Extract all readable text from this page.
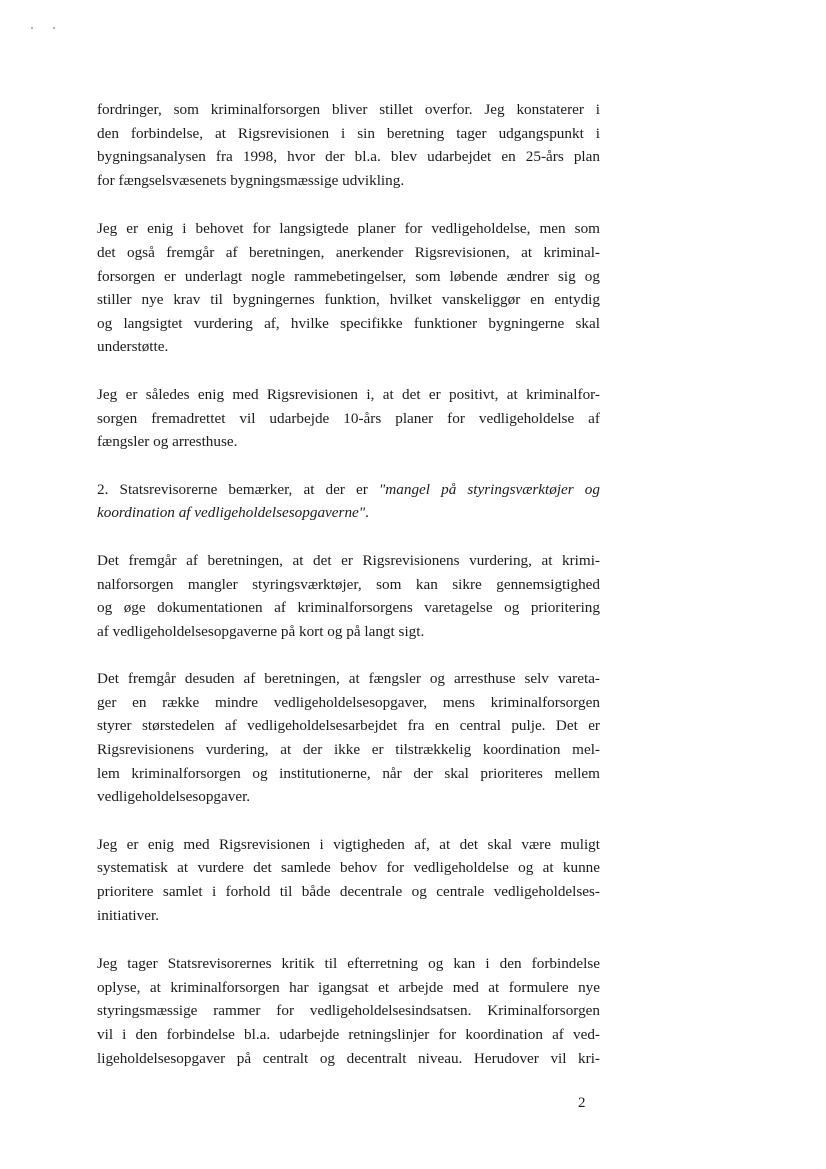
fordringer, som kriminalforsorgen bliver stillet overfor. Jeg konstaterer i
den forbindelse, at Rigsrevisionen i sin beretning tager udgangspunkt i
bygningsanalysen fra 1998, hvor der bl.a. blev udarbejdet en 25-års plan
for fængselsvæsenets bygningsmæssige udvikling.

Jeg er enig i behovet for langsigtede planer for vedligeholdelse, men som
det også fremgår af beretningen, anerkender Rigsrevisionen, at kriminal-
forsorgen er underlagt nogle rammebetingelser, som løbende ændrer sig og
stiller nye krav til bygningernes funktion, hvilket vanskeliggør en entydig
og langsigtet vurdering af, hvilke specifikke funktioner bygningerne skal
understøtte.

Jeg er således enig med Rigsrevisionen i, at det er positivt, at kriminalfor-
sorgen fremadrettet vil udarbejde 10-års planer for vedligeholdelse af
fængsler og arresthuse.

2. Statsrevisorerne bemærker, at der er "mangel på styringsværktøjer og
koordination af vedligeholdelsesopgaverne".

Det fremgår af beretningen, at det er Rigsrevisionens vurdering, at krimi-
nalforsorgen mangler styringsværktøjer, som kan sikre gennemsigtighed
og øge dokumentationen af kriminalforsorgens varetagelse og prioritering
af vedligeholdelsesopgaverne på kort og på langt sigt.

Det fremgår desuden af beretningen, at fængsler og arresthuse selv vareta-
ger en række mindre vedligeholdelsesopgaver, mens kriminalforsorgen
styrer størstedelen af vedligeholdelsesarbejdet fra en central pulje. Det er
Rigsrevisionens vurdering, at der ikke er tilstrækkelig koordination mel-
lem kriminalforsorgen og institutionerne, når der skal prioriteres mellem
vedligeholdelsesopgaver.

Jeg er enig med Rigsrevisionen i vigtigheden af, at det skal være muligt
systematisk at vurdere det samlede behov for vedligeholdelse og at kunne
prioritere samlet i forhold til både decentrale og centrale vedligeholdelses-
initiativer.

Jeg tager Statsrevisorernes kritik til efterretning og kan i den forbindelse
oplyse, at kriminalforsorgen har igangsat et arbejde med at formulere nye
styringsmæssige rammer for vedligeholdelsesindsatsen. Kriminalforsorgen
vil i den forbindelse bl.a. udarbejde retningslinjer for koordination af ved-
ligeholdelsesopgaver på centralt og decentralt niveau. Herudover vil kri-

2
